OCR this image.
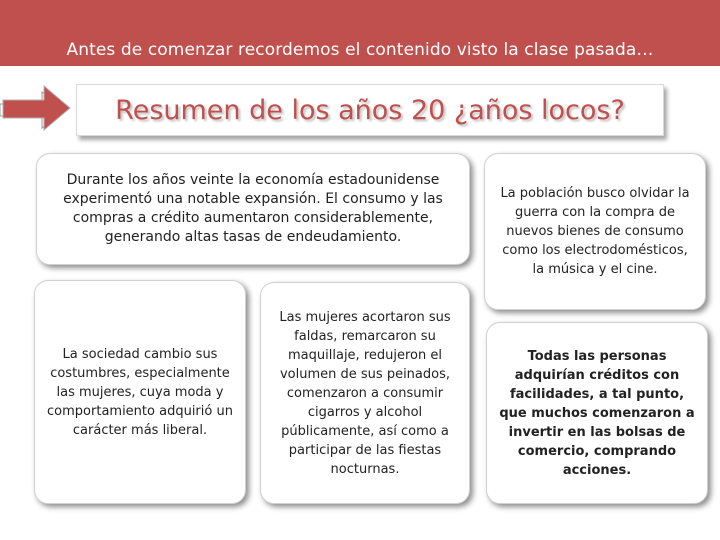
Antes de comenzar recordemos el contenido visto la clase pasada…
Resumen de los años 20 ¿años locos?
Durante los años veinte la economía estadounidense experimentó una notable expansión. El consumo y las compras a crédito aumentaron considerablemente, generando altas tasas de endeudamiento.
La población busco olvidar la guerra con la compra de nuevos bienes de consumo como los electrodomésticos, la música y el cine.
La sociedad cambio sus costumbres, especialmente las mujeres, cuya moda y comportamiento adquirió un carácter más liberal.
Las mujeres acortaron sus faldas, remarcaron su maquillaje, redujeron el volumen de sus peinados, comenzaron a consumir cigarros y alcohol públicamente, así como a participar de las fiestas nocturnas.
Todas las personas adquirían créditos con facilidades, a tal punto, que muchos comenzaron a invertir en las bolsas de comercio, comprando acciones.
